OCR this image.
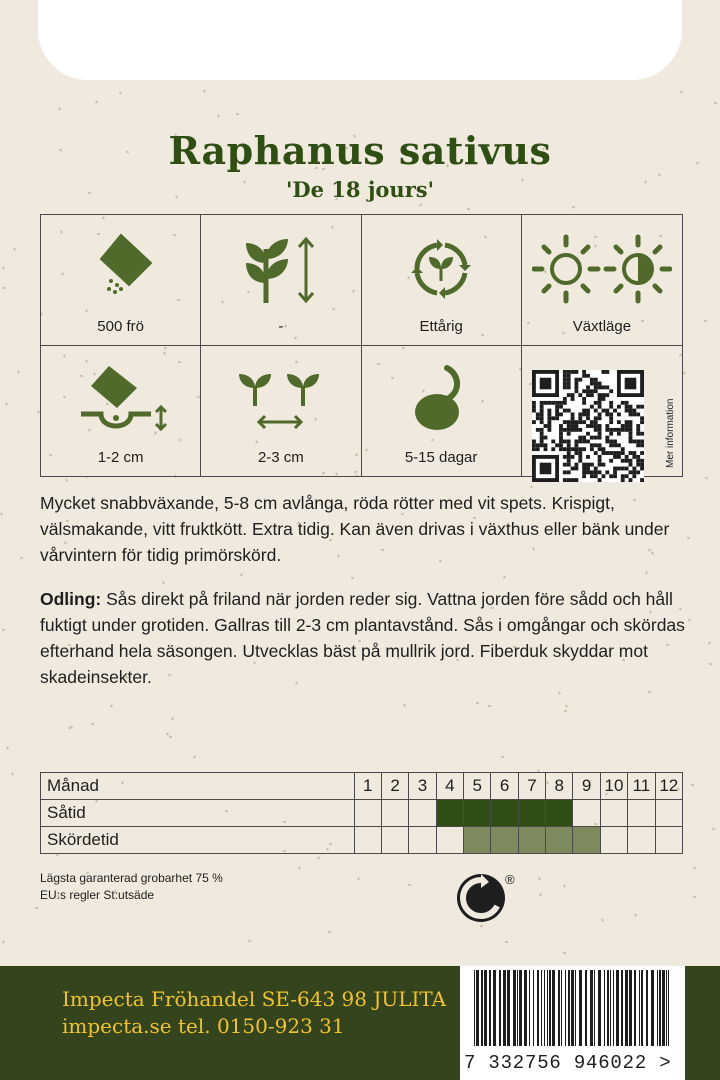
Raphanus sativus
'De 18 jours'
500 frö	-	Ettårig	Växtläge
1-2 cm	2-3 cm	5-15 dagar	Mer information

Mycket snabbväxande, 5-8 cm avlånga, röda rötter med vit spets. Krispigt, välsmakande, vitt fruktkött. Extra tidig. Kan även drivas i växthus eller bänk under vårvintern för tidig primörskörd.

Odling: Sås direkt på friland när jorden reder sig. Vattna jorden före sådd och håll fuktigt under grotiden. Gallras till 2-3 cm plantavstånd. Sås i omgångar och skördas efterhand hela säsongen. Utvecklas bäst på mullrik jord. Fiberduk skyddar mot skadeinsekter.

Månad	1	2	3	4	5	6	7	8	9	10	11	12
Såtid												
Skördetid												
Lägsta garanterad grobarhet 75 %
EU:s regler St:utsäde
®
Impecta Fröhandel SE-643 98 JULITA
impecta.se tel. 0150-923 31
7 332756 946022 >
